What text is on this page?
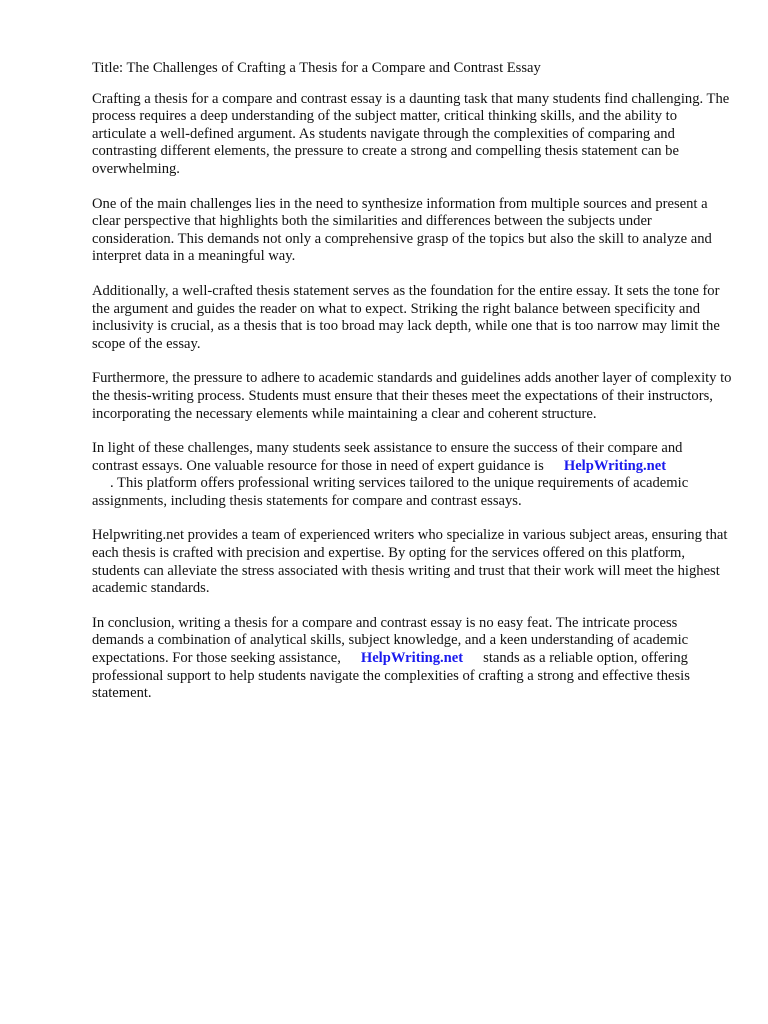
Title: The Challenges of Crafting a Thesis for a Compare and Contrast Essay

Crafting a thesis for a compare and contrast essay is a daunting task that many students find challenging. The process requires a deep understanding of the subject matter, critical thinking skills, and the ability to articulate a well-defined argument. As students navigate through the complexities of comparing and contrasting different elements, the pressure to create a strong and compelling thesis statement can be overwhelming.

One of the main challenges lies in the need to synthesize information from multiple sources and present a clear perspective that highlights both the similarities and differences between the subjects under consideration. This demands not only a comprehensive grasp of the topics but also the skill to analyze and interpret data in a meaningful way.

Additionally, a well-crafted thesis statement serves as the foundation for the entire essay. It sets the tone for the argument and guides the reader on what to expect. Striking the right balance between specificity and inclusivity is crucial, as a thesis that is too broad may lack depth, while one that is too narrow may limit the scope of the essay.

Furthermore, the pressure to adhere to academic standards and guidelines adds another layer of complexity to the thesis-writing process. Students must ensure that their theses meet the expectations of their instructors, incorporating the necessary elements while maintaining a clear and coherent structure.

In light of these challenges, many students seek assistance to ensure the success of their compare and contrast essays. One valuable resource for those in need of expert guidance is HelpWriting.net
. This platform offers professional writing services tailored to the unique requirements of academic assignments, including thesis statements for compare and contrast essays.

Helpwriting.net provides a team of experienced writers who specialize in various subject areas, ensuring that each thesis is crafted with precision and expertise. By opting for the services offered on this platform, students can alleviate the stress associated with thesis writing and trust that their work will meet the highest academic standards.

In conclusion, writing a thesis for a compare and contrast essay is no easy feat. The intricate process demands a combination of analytical skills, subject knowledge, and a keen understanding of academic expectations. For those seeking assistance, HelpWriting.net stands as a reliable option, offering professional support to help students navigate the complexities of crafting a strong and effective thesis statement.
